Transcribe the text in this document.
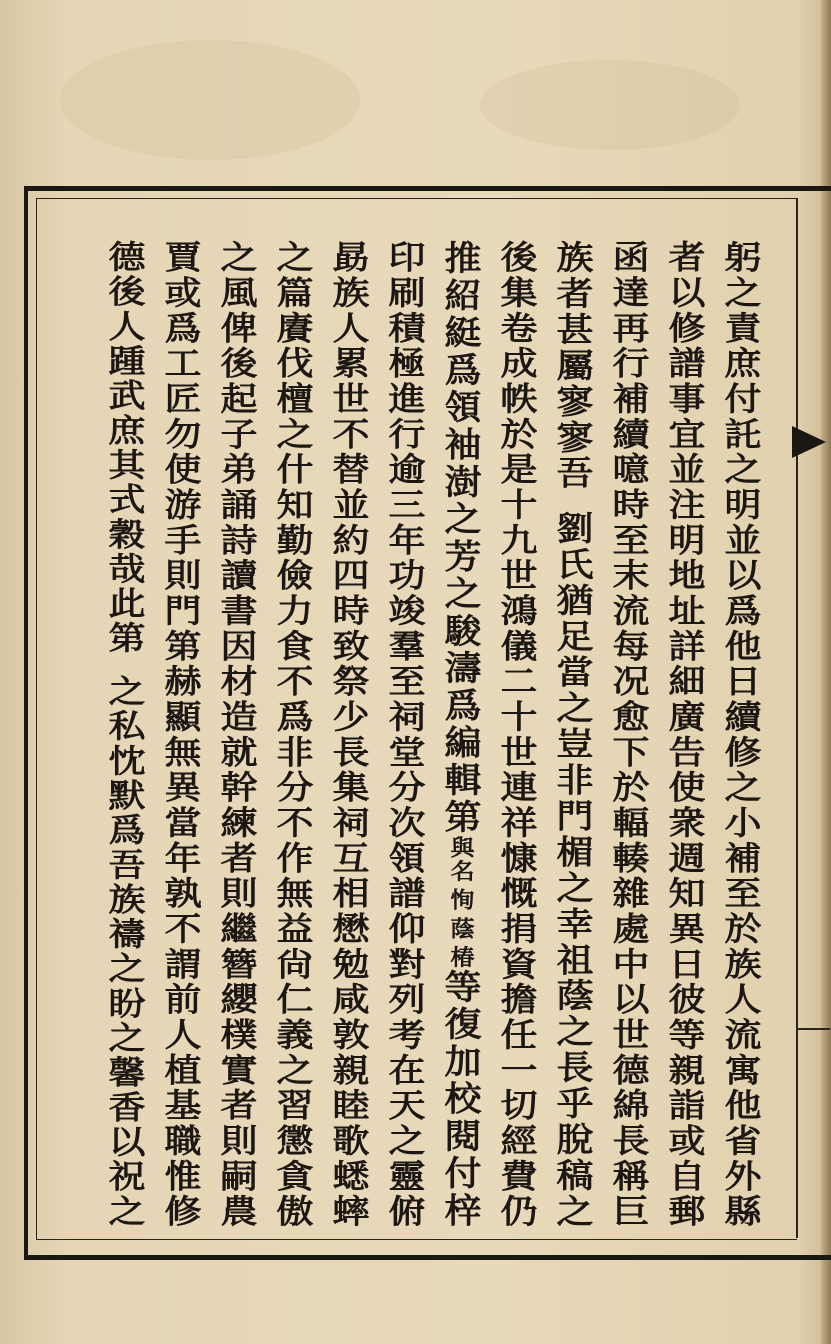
躬之責庶付託之明並以爲他日續修之小補至於族人流寓他省外縣
者以修譜事宜並注明地址詳細廣告使衆週知異日彼等親詣或自郵
函達再行補續噫時至末流每况愈下於輻輳雜處中以世德綿長稱巨
族者甚屬寥寥吾
劉氏猶足當之豈非門楣之幸祖蔭之長乎脫稿之
後集卷成帙於是十九世鴻儀二十世連祥慷慨捐資擔任一切經費仍
推紹綎爲領袖澍之芳之駿濤爲編輯第
與名
恂
蔭
椿
等復加校閱付梓
印刷積極進行逾三年功竣羣至祠堂分次領譜仰對列考在天之靈俯
勗族人累世不替並約四時致祭少長集祠互相懋勉咸敦親睦歌蟋蟀
之篇賡伐檀之什知勤儉力食不爲非分不作無益尙仁義之習懲貪傲
之風俾後起子弟誦詩讀書因材造就幹練者則繼簪纓樸實者則嗣農
賈或爲工匠勿使游手則門第赫顯無異當年孰不謂前人植基職惟修
德後人踵武庶其式穀哉此第
之私忱默爲吾族禱之盼之馨香以祝之
